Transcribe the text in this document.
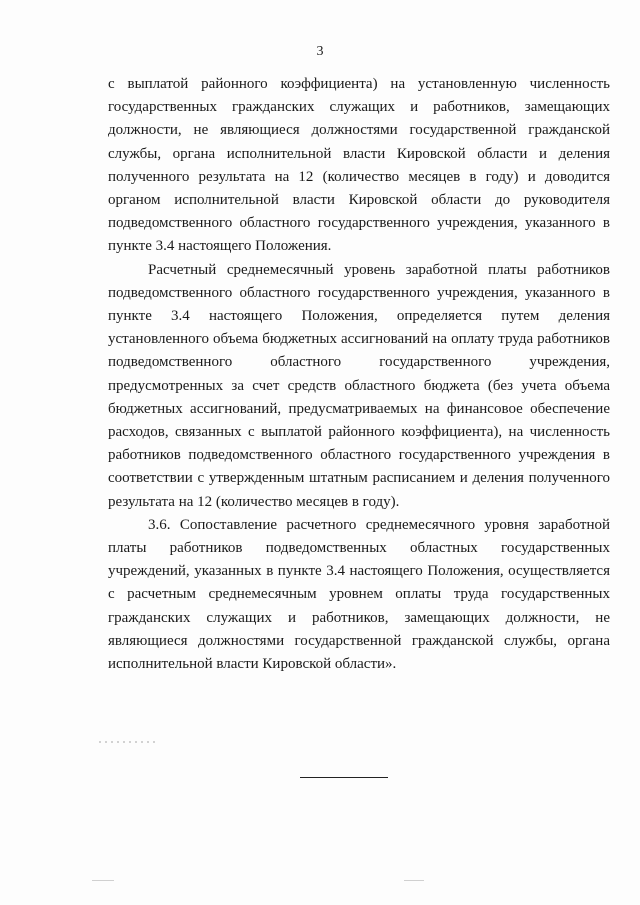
3

с выплатой районного коэффициента) на установленную численность государственных гражданских служащих и работников, замещающих должности, не являющиеся должностями государственной гражданской службы, органа исполнительной власти Кировской области и деления полученного результата на 12 (количество месяцев в году) и доводится органом исполнительной власти Кировской области до руководителя подведомственного областного государственного учреждения, указанного в пункте 3.4 настоящего Положения.

Расчетный среднемесячный уровень заработной платы работников подведомственного областного государственного учреждения, указанного в пункте 3.4 настоящего Положения, определяется путем деления установленного объема бюджетных ассигнований на оплату труда работников подведомственного областного государственного учреждения, предусмотренных за счет средств областного бюджета (без учета объема бюджетных ассигнований, предусматриваемых на финансовое обеспечение расходов, связанных с выплатой районного коэффициента), на численность работников подведомственного областного государственного учреждения в соответствии с утвержденным штатным расписанием и деления полученного результата на 12 (количество месяцев в году).

3.6. Сопоставление расчетного среднемесячного уровня заработной платы работников подведомственных областных государственных учреждений, указанных в пункте 3.4 настоящего Положения, осуществляется с расчетным среднемесячным уровнем оплаты труда государственных гражданских служащих и работников, замещающих должности, не являющиеся должностями государственной гражданской службы, органа исполнительной власти Кировской области».
